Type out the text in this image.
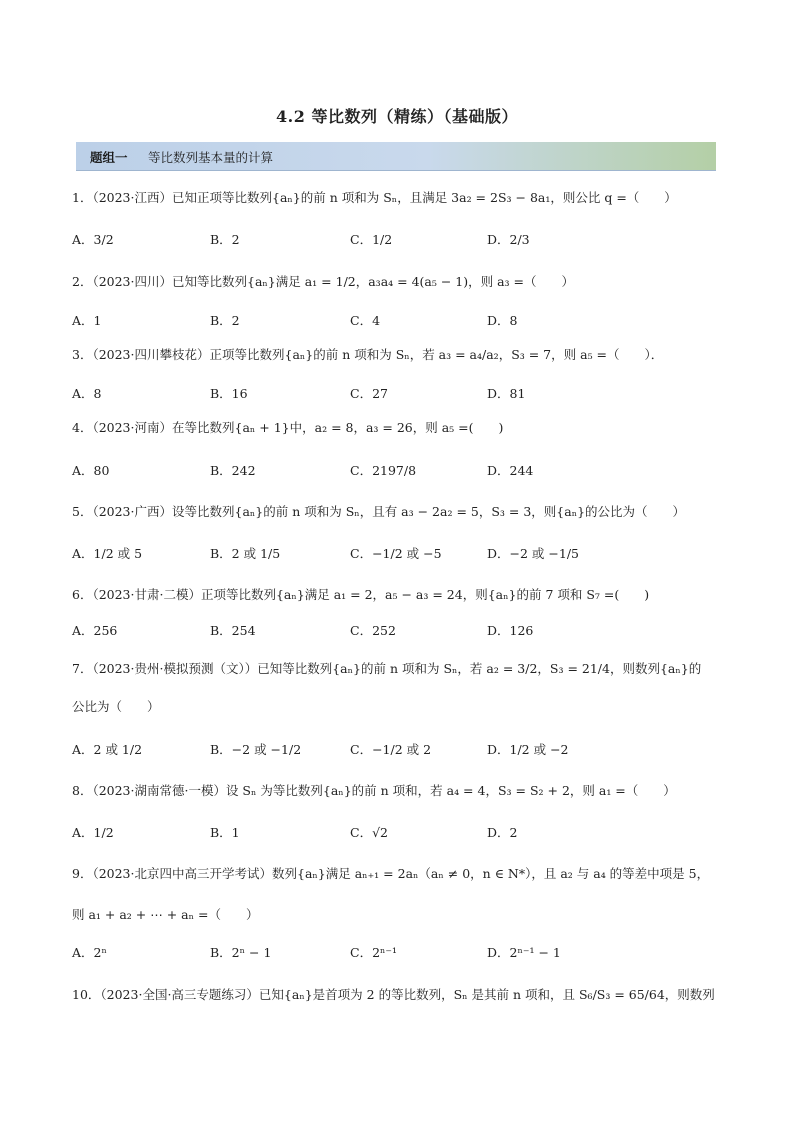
4.2 等比数列（精练）（基础版）
题组一 等比数列基本量的计算
1．（2023·江西）已知正项等比数列{aₙ}的前 n 项和为 Sₙ，且满足 3a₂ = 2S₃ − 8a₁，则公比 q =（　　）
A．3/2	B．2	C．1/2	D．2/3
2．（2023·四川）已知等比数列{aₙ}满足 a₁ = 1/2，a₃a₄ = 4(a₅ − 1)，则 a₃ =（　　）
A．1	B．2	C．4	D．8
3．（2023·四川攀枝花）正项等比数列{aₙ}的前 n 项和为 Sₙ，若 a₃ = a₄/a₂，S₃ = 7，则 a₅ =（　　）．
A．8	B．16	C．27	D．81
4．（2023·河南）在等比数列{aₙ + 1}中，a₂ = 8，a₃ = 26，则 a₅ =(　　)
A．80	B．242	C．2197/8	D．244
5．（2023·广西）设等比数列{aₙ}的前 n 项和为 Sₙ，且有 a₃ − 2a₂ = 5，S₃ = 3，则{aₙ}的公比为（　　）
A．1/2 或 5	B．2 或 1/5	C．−1/2 或 −5	D．−2 或 −1/5
6．（2023·甘肃·二模）正项等比数列{aₙ}满足 a₁ = 2，a₅ − a₃ = 24，则{aₙ}的前 7 项和 S₇ =(　　)
A．256	B．254	C．252	D．126
7．（2023·贵州·模拟预测（文））已知等比数列{aₙ}的前 n 项和为 Sₙ，若 a₂ = 3/2，S₃ = 21/4，则数列{aₙ}的
公比为（　　）
A．2 或 1/2	B．−2 或 −1/2	C．−1/2 或 2	D．1/2 或 −2
8．（2023·湖南常德·一模）设 Sₙ 为等比数列{aₙ}的前 n 项和，若 a₄ = 4，S₃ = S₂ + 2，则 a₁ =（　　）
A．1/2	B．1	C．√2	D．2
9．（2023·北京四中高三开学考试）数列{aₙ}满足 aₙ₊₁ = 2aₙ（aₙ ≠ 0，n ∈ N*），且 a₂ 与 a₄ 的等差中项是 5，
则 a₁ + a₂ + ⋯ + aₙ =（　　）
A．2ⁿ	B．2ⁿ − 1	C．2ⁿ⁻¹	D．2ⁿ⁻¹ − 1
10．（2023·全国·高三专题练习）已知{aₙ}是首项为 2 的等比数列，Sₙ 是其前 n 项和，且 S₆/S₃ = 65/64，则数列
